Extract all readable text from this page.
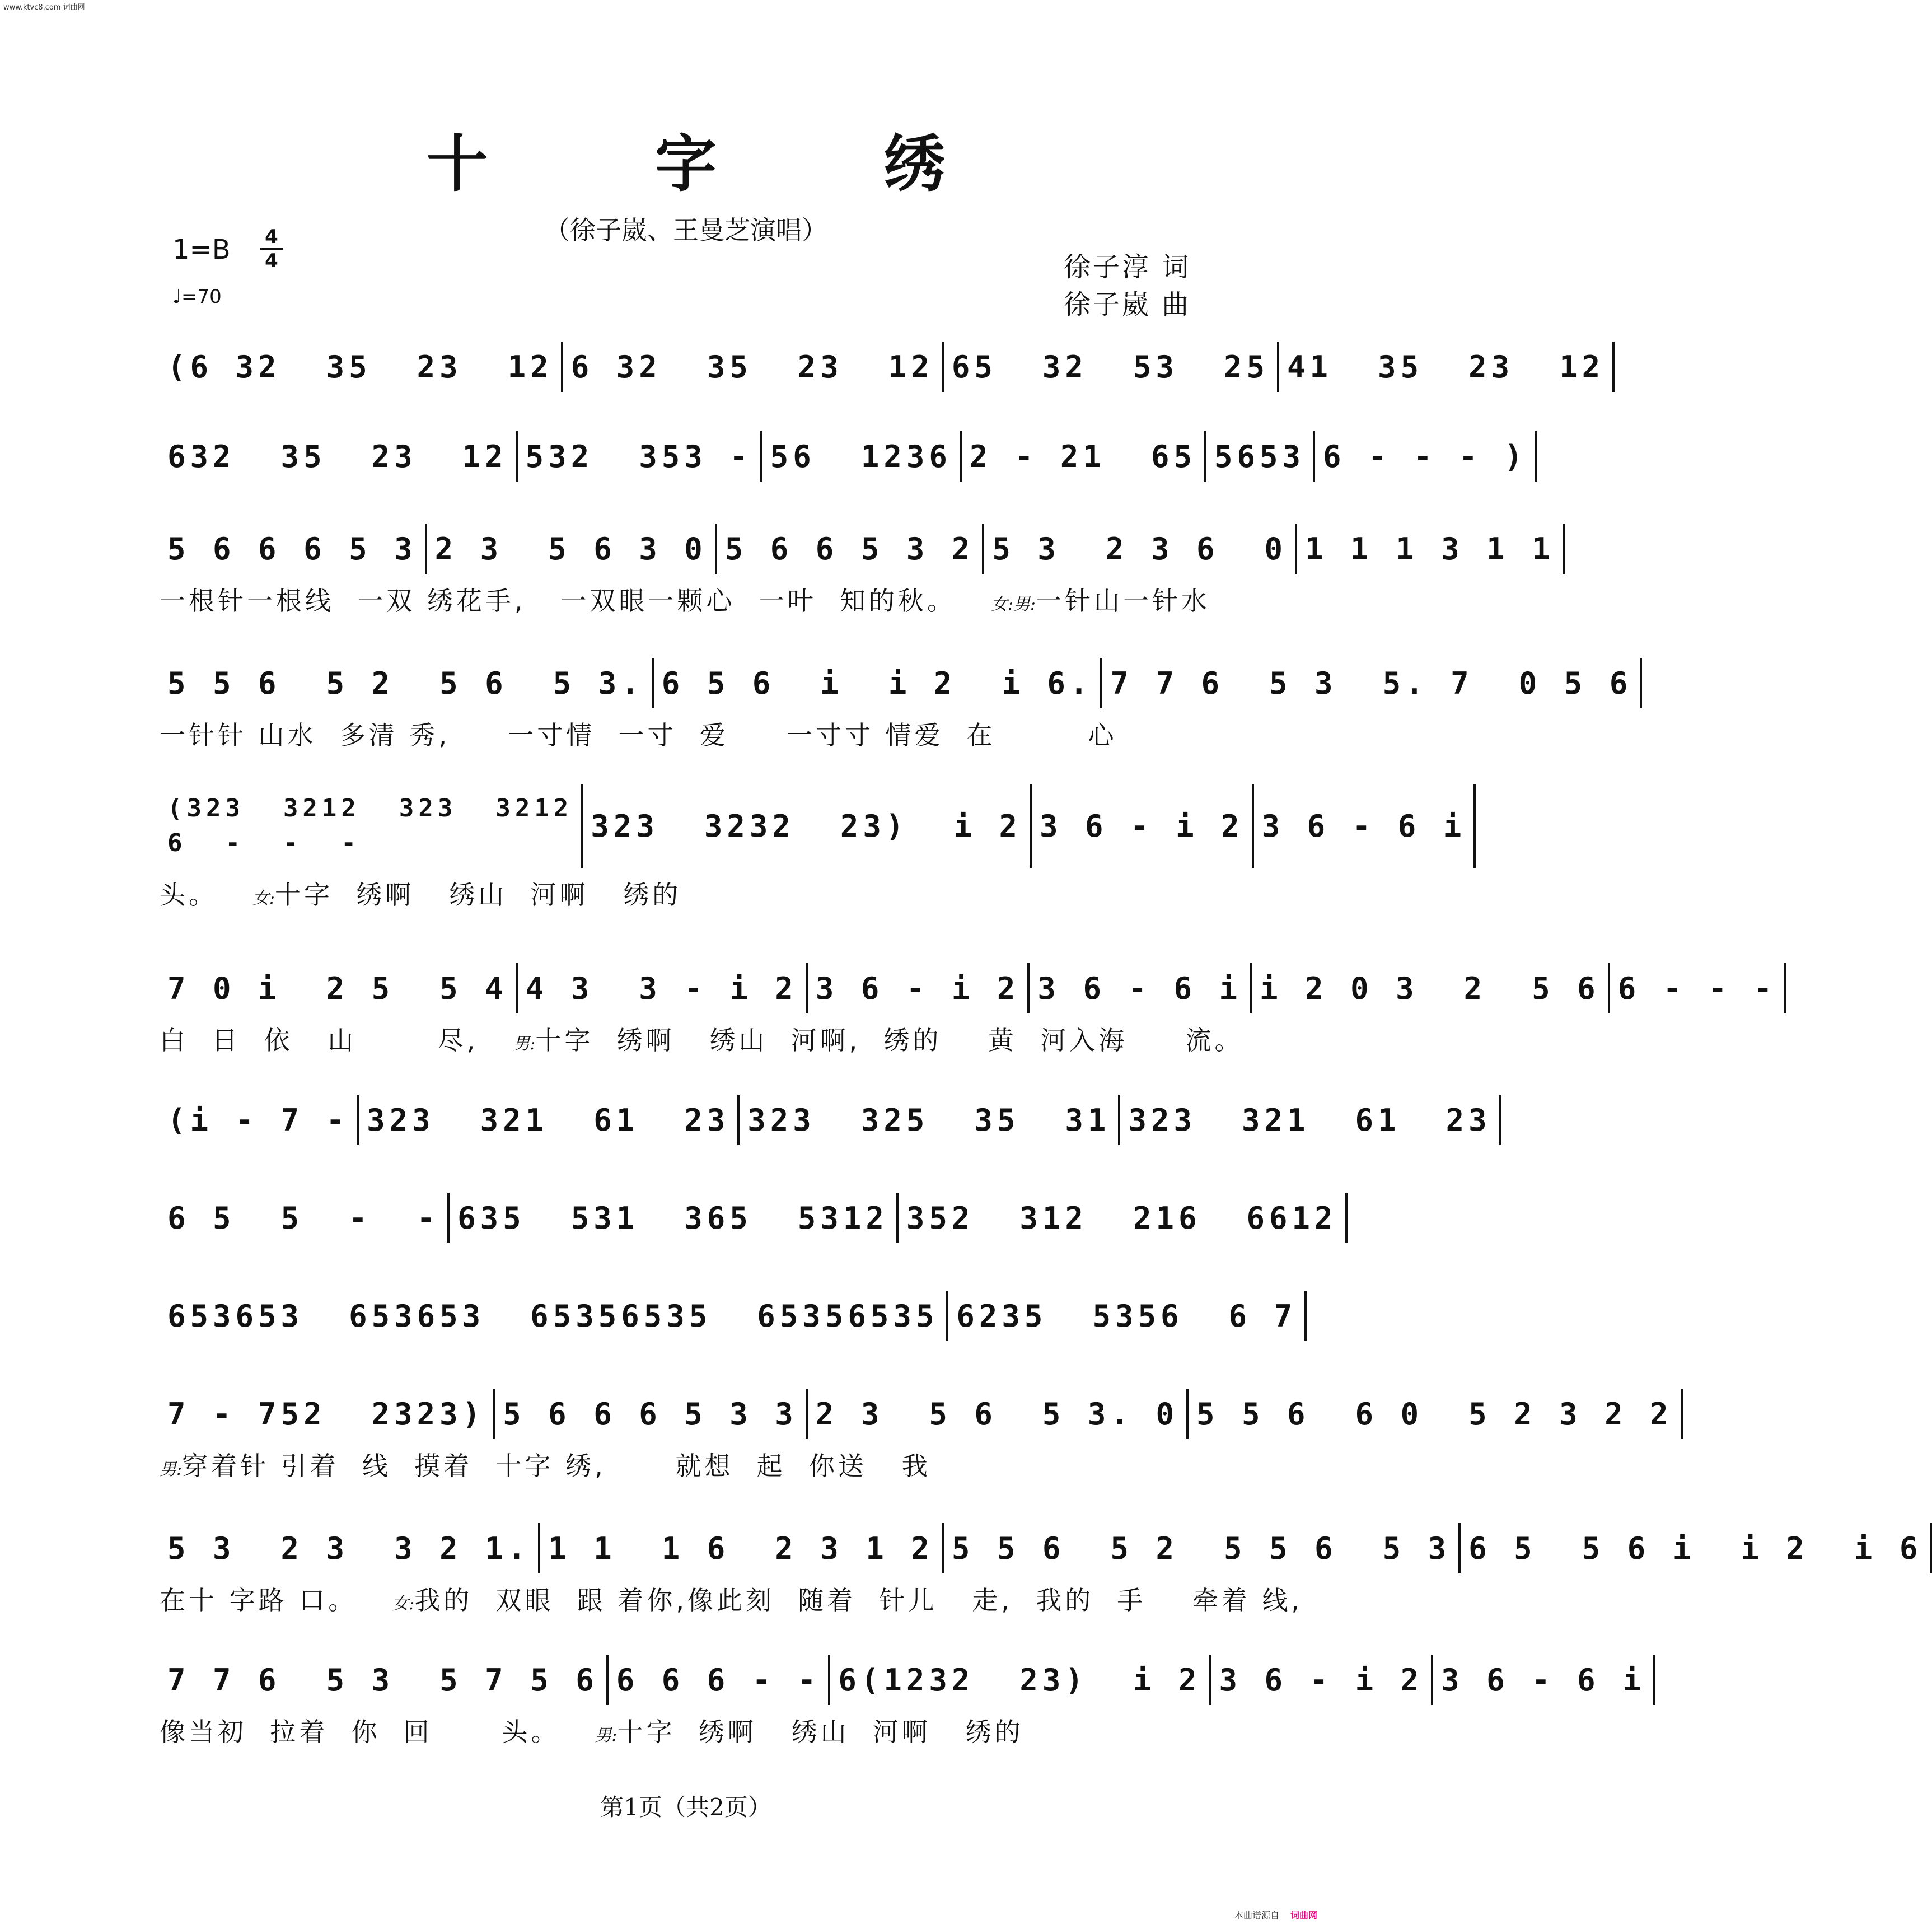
www.ktvc8.com 词曲网
十 字 绣
（徐子崴、王曼芝演唱）
1=B 4
4
♩=70
徐子淳 词
徐子崴 曲
(6 32  35  23  12 6 32  35  23  12 65  32  53  25 41  35  23  12
632  35  23  12 532  353 - 56  1236 2 - 21  65 5653 6 - - - )
5 6 6 6 5 3 2 3  5 6 3 0 5 6 6 5 3 2 5 3  2 3 6  0 1 1 1 3 1 1
一根针一根线  一双 绣花手,   一双眼一颗心  一叶  知的秋。 女:男:一针山一针水
5 5 6  5 2  5 6  5 3. 6 5 6  i  i 2  i 6. 7 7 6  5 3  5. 7  0 5 6
一针针 山水  多清 秀,     一寸情  一寸  爱     一寸寸 情爱  在        心
(323  3212  323  3212
6  -  -  -	323  3232  23)  i 2 3 6 - i 2 3 6 - 6 i
头。 女:十字  绣啊   绣山  河啊   绣的
7 0 i  2 5  5 4 4 3  3 - i 2 3 6 - i 2 3 6 - 6 i i 2 0 3  2  5 6 6 - - -
白  日  依   山       尽, 男:十字  绣啊   绣山  河啊,  绣的    黄  河入海     流。
(i - 7 - 323  321  61  23 323  325  35  31 323  321  61  23
6 5  5  -  - 635  531  365  5312 352  312  216  6612
653653  653653  65356535  65356535 6235  5356  6 7
7 - 752  2323) 5 6 6 6 5 3 3 2 3  5 6  5 3. 0 5 5 6  6 0  5 2 3 2 2
男:穿着针 引着  线  摸着  十字 绣,      就想  起  你送   我
5 3  2 3  3 2 1. 1 1  1 6  2 3 1 2 5 5 6  5 2  5 5 6  5 3 6 5  5 6 i  i 2  i 6
在十 字路 口。 女:我的  双眼  跟 着你,像此刻  随着  针儿   走,  我的  手    牵着 线,
7 7 6  5 3  5 7 5 6 6 6 6 - - 6(1232  23)  i 2 3 6 - i 2 3 6 - 6 i
像当初  拉着  你  回      头。 男:十字  绣啊   绣山  河啊   绣的
第1页（共2页）
本曲谱源自 词曲网
